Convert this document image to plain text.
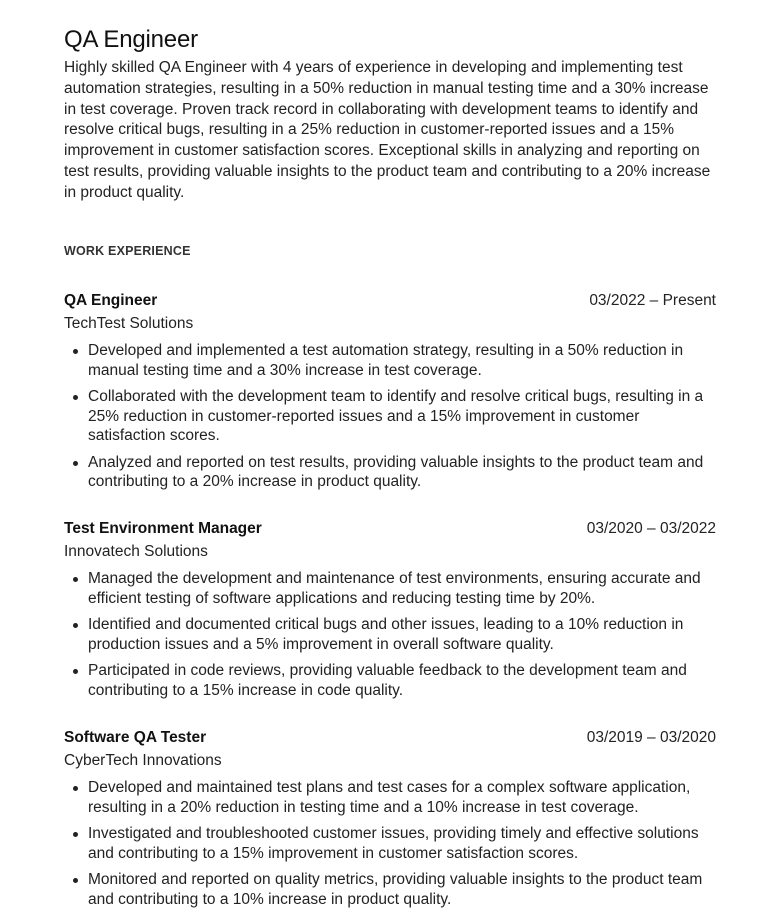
QA Engineer

Highly skilled QA Engineer with 4 years of experience in developing and implementing test automation strategies, resulting in a 50% reduction in manual testing time and a 30% increase in test coverage. Proven track record in collaborating with development teams to identify and resolve critical bugs, resulting in a 25% reduction in customer-reported issues and a 15% improvement in customer satisfaction scores. Exceptional skills in analyzing and reporting on test results, providing valuable insights to the product team and contributing to a 20% increase in product quality.

WORK EXPERIENCE
QA Engineer	03/2022 – Present
TechTest Solutions
Developed and implemented a test automation strategy, resulting in a 50% reduction in manual testing time and a 30% increase in test coverage.
Collaborated with the development team to identify and resolve critical bugs, resulting in a 25% reduction in customer-reported issues and a 15% improvement in customer satisfaction scores.
Analyzed and reported on test results, providing valuable insights to the product team and contributing to a 20% increase in product quality.
Test Environment Manager	03/2020 – 03/2022
Innovatech Solutions
Managed the development and maintenance of test environments, ensuring accurate and efficient testing of software applications and reducing testing time by 20%.
Identified and documented critical bugs and other issues, leading to a 10% reduction in production issues and a 5% improvement in overall software quality.
Participated in code reviews, providing valuable feedback to the development team and contributing to a 15% increase in code quality.
Software QA Tester	03/2019 – 03/2020
CyberTech Innovations
Developed and maintained test plans and test cases for a complex software application, resulting in a 20% reduction in testing time and a 10% increase in test coverage.
Investigated and troubleshooted customer issues, providing timely and effective solutions and contributing to a 15% improvement in customer satisfaction scores.
Monitored and reported on quality metrics, providing valuable insights to the product team and contributing to a 10% increase in product quality.
